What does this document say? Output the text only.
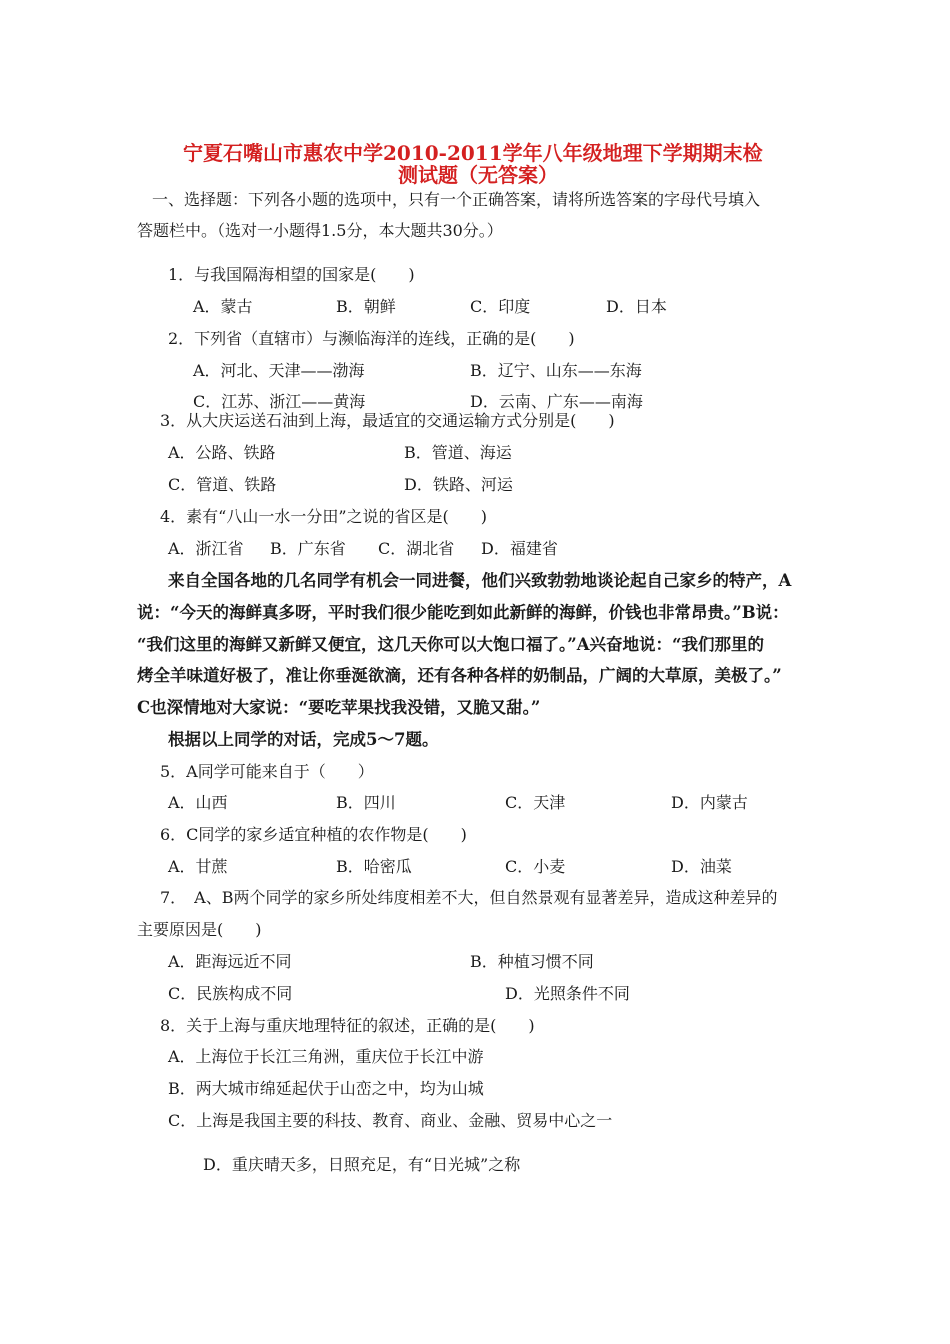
宁夏石嘴山市惠农中学2010-2011学年八年级地理下学期期末检
测试题（无答案）
一、选择题：下列各小题的选项中，只有一个正确答案，请将所选答案的字母代号填入
答题栏中。（选对一小题得1.5分，本大题共30分。）
1．与我国隔海相望的国家是(　　)
A．蒙古	B．朝鲜	C．印度	D．日本
2．下列省（直辖市）与濒临海洋的连线，正确的是(　　)
A．河北、天津——渤海	B．辽宁、山东——东海
C．江苏、浙江——黄海	D．云南、广东——南海
3．从大庆运送石油到上海，最适宜的交通运输方式分别是(　　)
A．公路、铁路	B．管道、海运
C．管道、铁路	D．铁路、河运
4．素有“八山一水一分田”之说的省区是(　　)
A．浙江省 B．广东省 C．湖北省 D．福建省
来自全国各地的几名同学有机会一同进餐，他们兴致勃勃地谈论起自己家乡的特产，A
说：“今天的海鲜真多呀，平时我们很少能吃到如此新鲜的海鲜，价钱也非常昂贵。”B说：
“我们这里的海鲜又新鲜又便宜，这几天你可以大饱口福了。”A兴奋地说：“我们那里的
烤全羊味道好极了，准让你垂涎欲滴，还有各种各样的奶制品，广阔的大草原，美极了。”
C也深情地对大家说：“要吃苹果找我没错，又脆又甜。”
根据以上同学的对话，完成5～7题。
5．A同学可能来自于（　　）
A．山西	B．四川	C．天津	D．内蒙古
6．C同学的家乡适宜种植的农作物是(　　)
A．甘蔗	B．哈密瓜	C．小麦	D．油菜
7．　A、B两个同学的家乡所处纬度相差不大，但自然景观有显著差异，造成这种差异的
主要原因是(　　)
A．距海远近不同	B．种植习惯不同
C．民族构成不同	D．光照条件不同
8．关于上海与重庆地理特征的叙述，正确的是(　　)
A．上海位于长江三角洲，重庆位于长江中游
B．两大城市绵延起伏于山峦之中，均为山城
C．上海是我国主要的科技、教育、商业、金融、贸易中心之一
D．重庆晴天多，日照充足，有“日光城”之称
